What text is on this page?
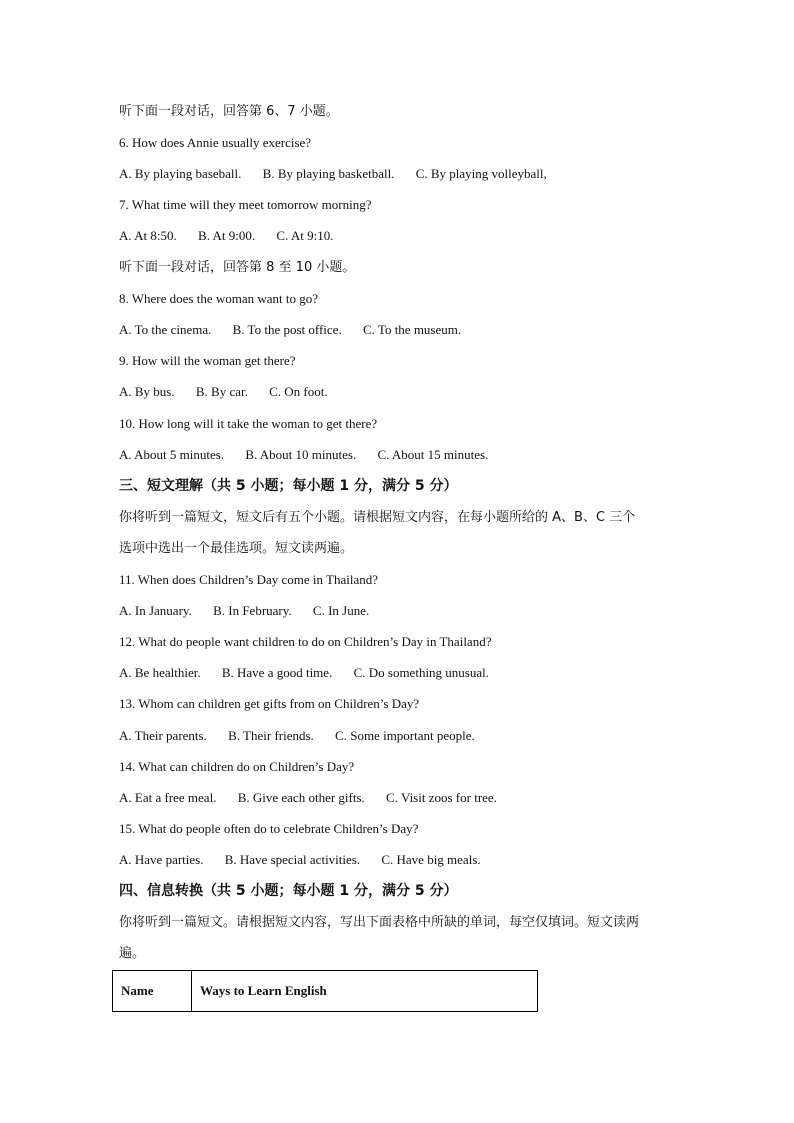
听下面一段对话，回答第 6、7 小题。
6. How does Annie usually exercise?
A. By playing baseball. B. By playing basketball. C. By playing volleyball,
7. What time will they meet tomorrow morning?
A. At 8:50. B. At 9:00. C. At 9:10.
听下面一段对话，回答第 8 至 10 小题。
8. Where does the woman want to go?
A. To the cinema. B. To the post office. C. To the museum.
9. How will the woman get there?
A. By bus. B. By car. C. On foot.
10. How long will it take the woman to get there?
A. About 5 minutes. B. About 10 minutes. C. About 15 minutes.
三、短文理解（共 5 小题；每小题 1 分，满分 5 分）
你将听到一篇短文，短文后有五个小题。请根据短文内容，在每小题所给的 A、B、C 三个
选项中选出一个最佳选项。短文读两遍。
11. When does Children’s Day come in Thailand?
A. In January. B. In February. C. In June.
12. What do people want children to do on Children’s Day in Thailand?
A. Be healthier. B. Have a good time. C. Do something unusual.
13. Whom can children get gifts from on Children’s Day?
A. Their parents. B. Their friends. C. Some important people.
14. What can children do on Children’s Day?
A. Eat a free meal. B. Give each other gifts. C. Visit zoos for tree.
15. What do people often do to celebrate Children’s Day?
A. Have parties. B. Have special activities. C. Have big meals.
四、信息转换（共 5 小题；每小题 1 分，满分 5 分）
你将听到一篇短文。请根据短文内容，写出下面表格中所缺的单词，每空仅填词。短文读两
遍。
Name	Ways to Learn English
